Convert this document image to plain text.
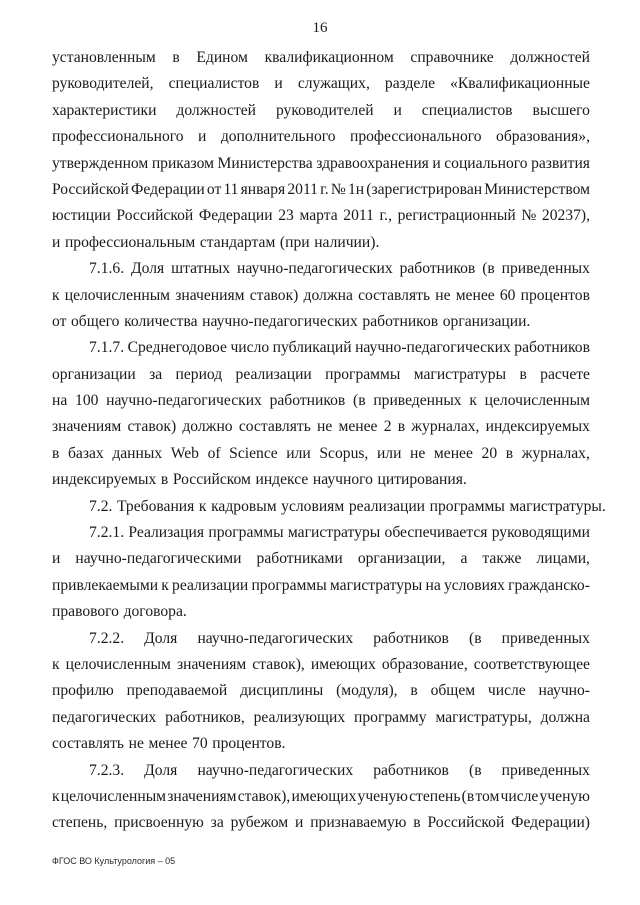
16
установленным в Едином квалификационном справочнике должностей
руководителей, специалистов и служащих, разделе «Квалификационные
характеристики должностей руководителей и специалистов высшего
профессионального и дополнительного профессионального образования»,
утвержденном приказом Министерства здравоохранения и социального развития
Российской Федерации от 11 января 2011 г. № 1н (зарегистрирован Министерством
юстиции Российской Федерации 23 марта 2011 г., регистрационный № 20237),
и профессиональным стандартам (при наличии).
7.1.6. Доля штатных научно-педагогических работников (в приведенных
к целочисленным значениям ставок) должна составлять не менее 60 процентов
от общего количества научно-педагогических работников организации.
7.1.7. Среднегодовое число публикаций научно-педагогических работников
организации за период реализации программы магистратуры в расчете
на 100 научно-педагогических работников (в приведенных к целочисленным
значениям ставок) должно составлять не менее 2 в журналах, индексируемых
в базах данных Web of Science или Scopus, или не менее 20 в журналах,
индексируемых в Российском индексе научного цитирования.
7.2. Требования к кадровым условиям реализации программы магистратуры.
7.2.1. Реализация программы магистратуры обеспечивается руководящими
и научно-педагогическими работниками организации, а также лицами,
привлекаемыми к реализации программы магистратуры на условиях гражданско-
правового договора.
7.2.2. Доля научно-педагогических работников (в приведенных
к целочисленным значениям ставок), имеющих образование, соответствующее
профилю преподаваемой дисциплины (модуля), в общем числе научно-
педагогических работников, реализующих программу магистратуры, должна
составлять не менее 70 процентов.
7.2.3. Доля научно-педагогических работников (в приведенных
к целочисленным значениям ставок), имеющих ученую степень (в том числе ученую
степень, присвоенную за рубежом и признаваемую в Российской Федерации)
ФГОС ВО Культурология – 05
